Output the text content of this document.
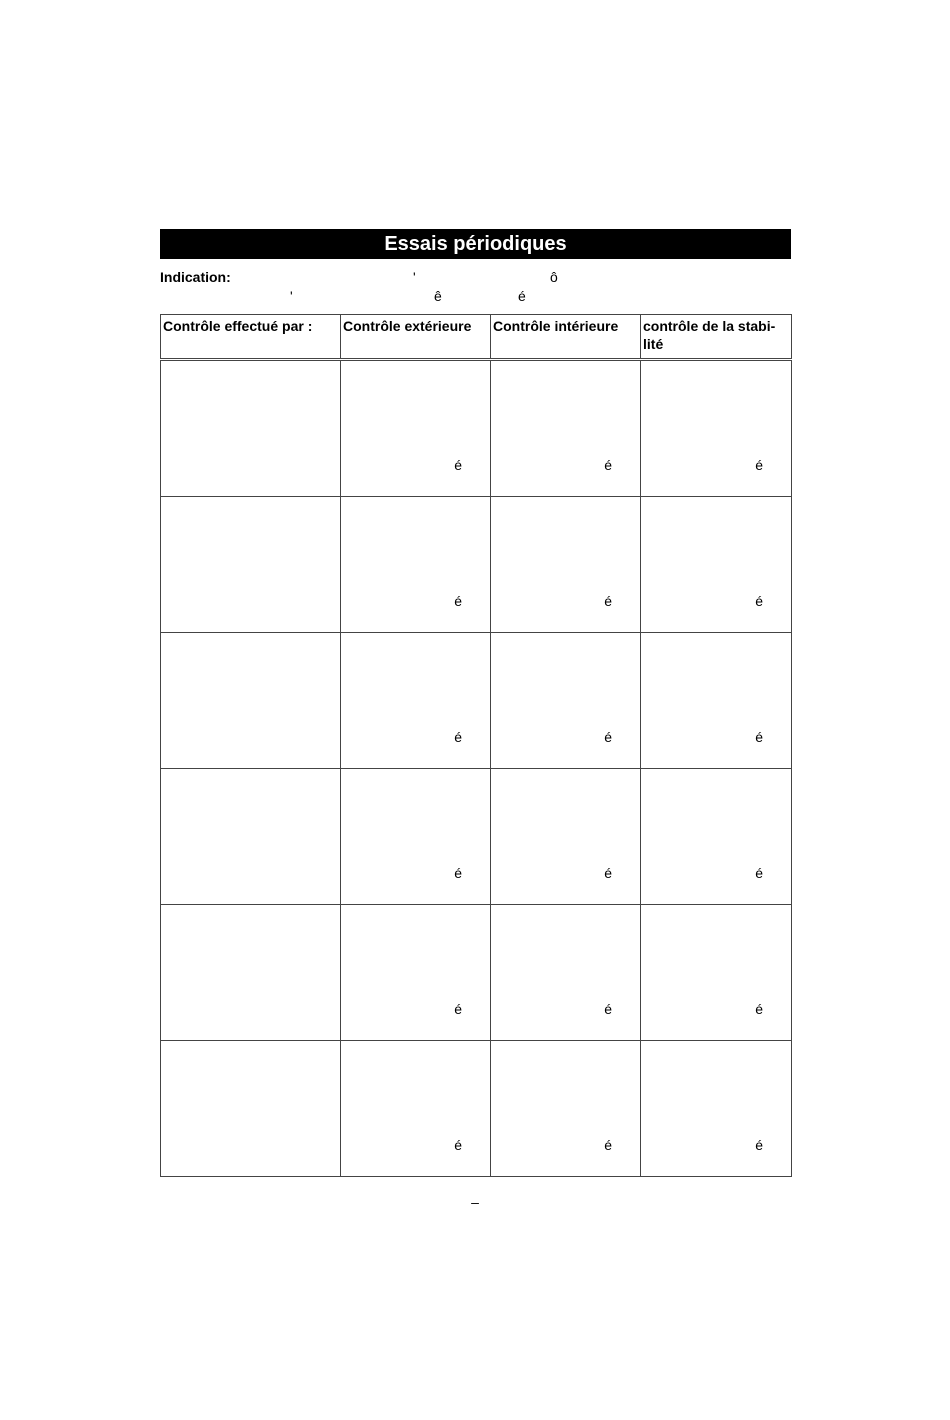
Essais périodiques
Indication:	'	ô
'	ê	é
Contrôle effectué par :	Contrôle extérieure	Contrôle intérieure	contrôle de la stabi-lité

	é	é	é

	é	é	é

	é	é	é

	é	é	é

	é	é	é

	é	é	é
–
